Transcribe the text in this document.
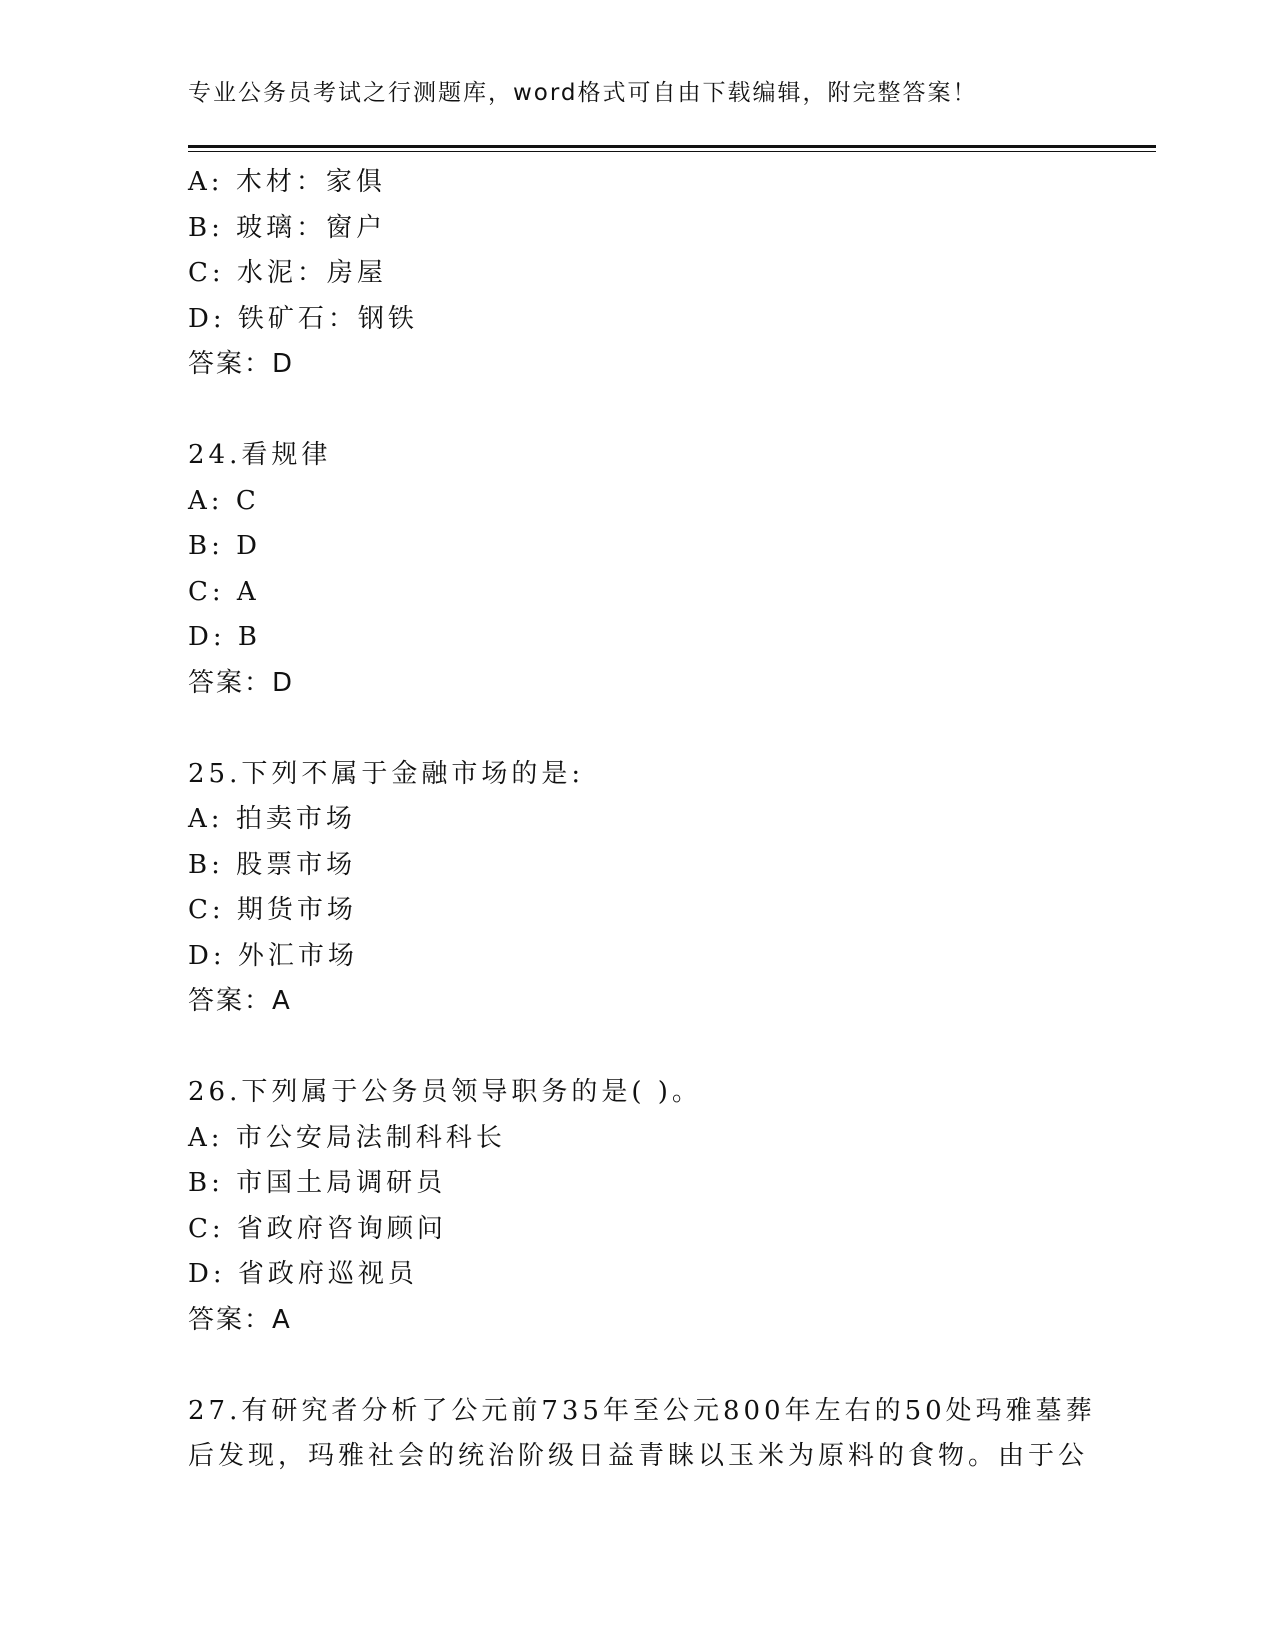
专业公务员考试之行测题库，word格式可自由下载编辑，附完整答案！
A: 木材：家俱
B: 玻璃：窗户
C: 水泥：房屋
D: 铁矿石：钢铁
答案：D
24.看规律
A: C
B: D
C: A
D: B
答案：D
25.下列不属于金融市场的是:
A: 拍卖市场
B: 股票市场
C: 期货市场
D: 外汇市场
答案：A
26.下列属于公务员领导职务的是( )。
A: 市公安局法制科科长
B: 市国土局调研员
C: 省政府咨询顾问
D: 省政府巡视员
答案：A
27.有研究者分析了公元前735年至公元800年左右的50处玛雅墓葬
后发现，玛雅社会的统治阶级日益青睐以玉米为原料的食物。由于公
